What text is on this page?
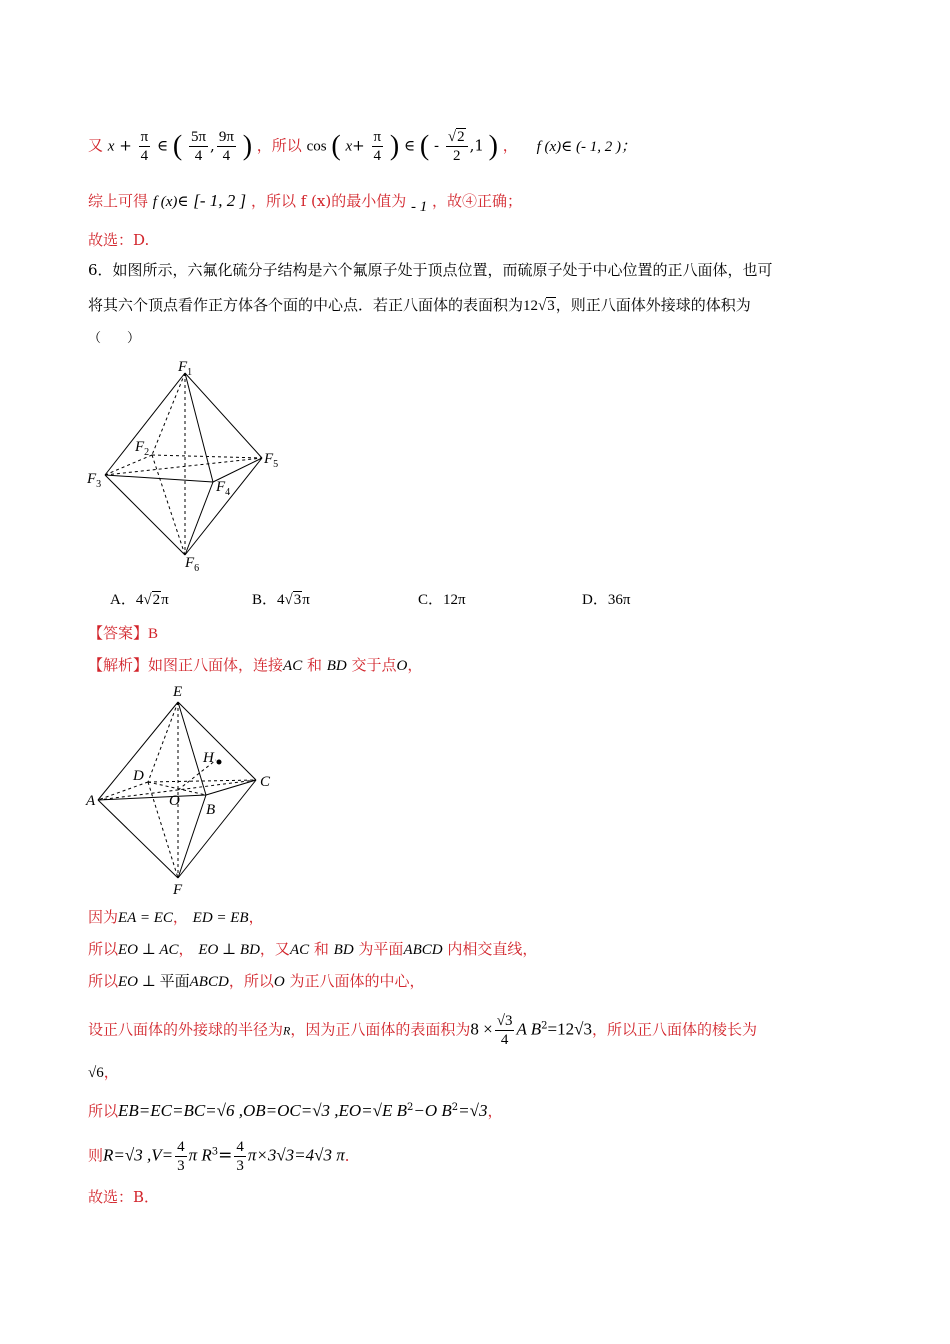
又 $x + \frac{\pi}{4}$ ∈ ( $\frac{5\pi}{4}$ , $\frac{9\pi}{4}$ ) ，所以 cos ( $x+ \frac{\pi}{4}$ ) ∈ ( - $\frac{√2}{2} ,1$ ) ， f (x)∈ (- 1, 2 )；
综上可得 f (x)∈ [- 1, 2 ] ，所以 f (x)的最小值为 - 1 ，故④正确；
故选：D.
6．如图所示，六氟化硫分子结构是六个氟原子处于顶点位置，而硫原子处于中心位置的正八面体，也可
将其六个顶点看作正方体各个面的中心点．若正八面体的表面积为12√3，则正八面体外接球的体积为
（　　）
$F_1$
$F_2$
$F_3$	$F_4$
$F_5$
$F_6$
A．4√2π	B．4√3π	C．12π	D．36π
【答案】B
【解析】如图正八面体，连接AC 和 BD 交于点O，
E
A
B
C
D
F
O
H
因为EA = EC， ED = EB，
所以EO ⊥ AC， EO ⊥ BD，又AC 和 BD 为平面ABCD 内相交直线，
所以EO ⊥ 平面ABCD，所以O 为正八面体的中心，
设正八面体的外接球的半径为R，因为正八面体的表面积为$8 \times \frac{√3}{4}$ A $B^2=12√3$，所以正八面体的棱长为
√6，
所以EB=EC=BC=√6 ,OB=OC=√3 ,EO=√E $B^2-O$ $B^2=√3$，
则R=√3 $,V= \frac{4}{3}$ π $R^3= \frac{4}{3} \pi\times 3√3=4√3$ π．
故选：B．
